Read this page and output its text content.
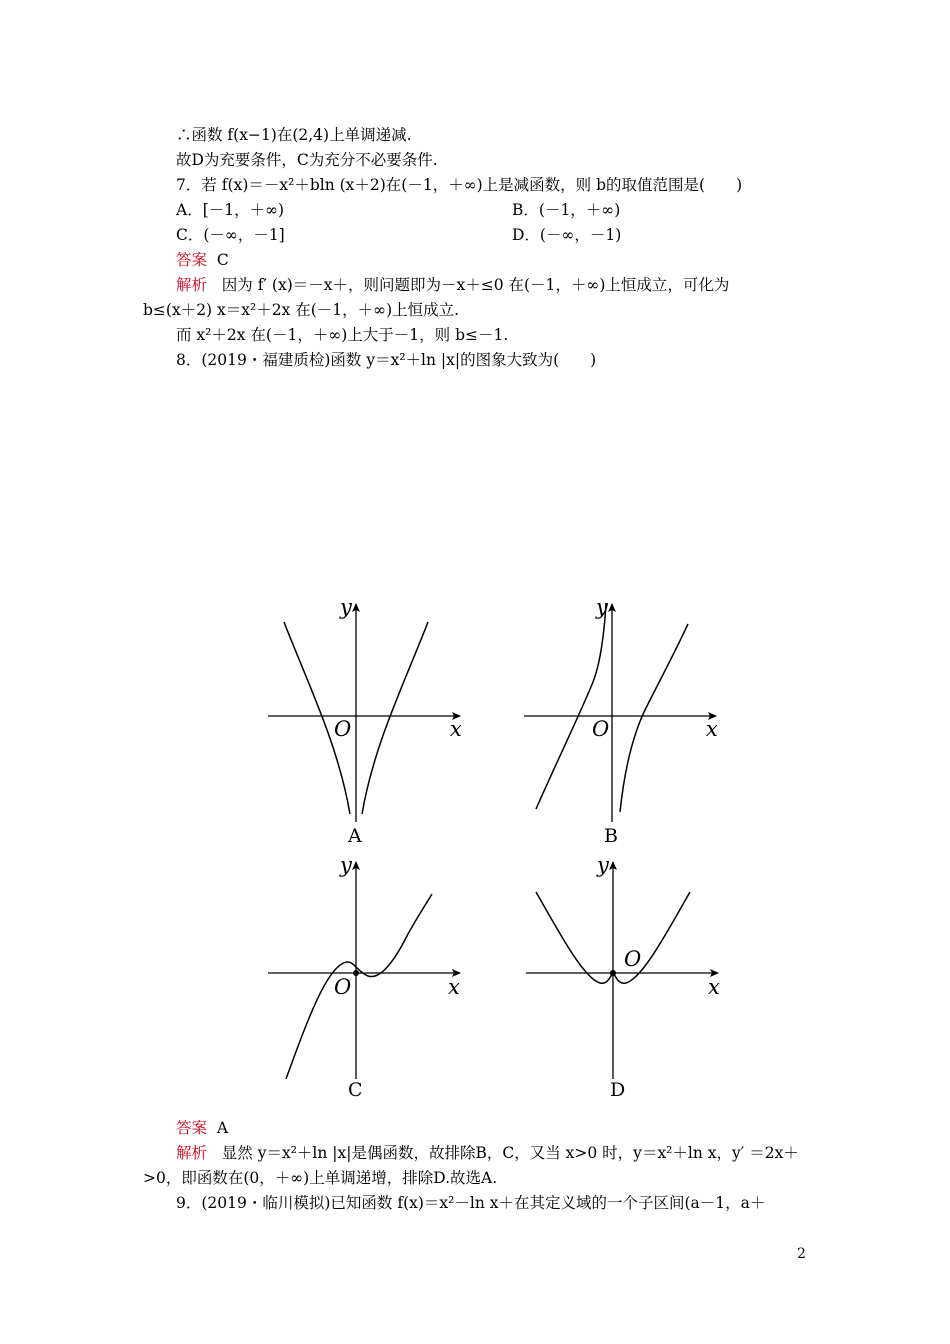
∴函数 f(x−1)在(2,4)上单调递减.
故D为充要条件，C为充分不必要条件.
7．若 f(x)＝－x²＋bln (x＋2)在(－1，＋∞)上是减函数，则 b的取值范围是(　　)
A．[－1，＋∞)	B．(－1，＋∞)
C．(－∞，－1]	D．(－∞，－1)
答案 C
解析 因为 f′ (x)＝－x＋，则问题即为－x＋≤0 在(－1，＋∞)上恒成立，可化为
b≤(x＋2) x＝x²＋2x 在(－1，＋∞)上恒成立.
而 x²＋2x 在(－1，＋∞)上大于－1，则 b≤－1.
8．(2019・福建质检)函数 y＝x²＋ln |x|的图象大致为(　　)
O	x
y
A
O	x
y
B
O	x
y
C
O
x
y
D
答案 A
解析 显然 y＝x²＋ln |x|是偶函数，故排除B，C，又当 x>0 时，y＝x²＋ln x，y′ ＝2x＋
>0，即函数在(0，＋∞)上单调递增，排除D.故选A.
9．(2019・临川模拟)已知函数 f(x)＝x²－ln x＋在其定义域的一个子区间(a－1，a＋
2
